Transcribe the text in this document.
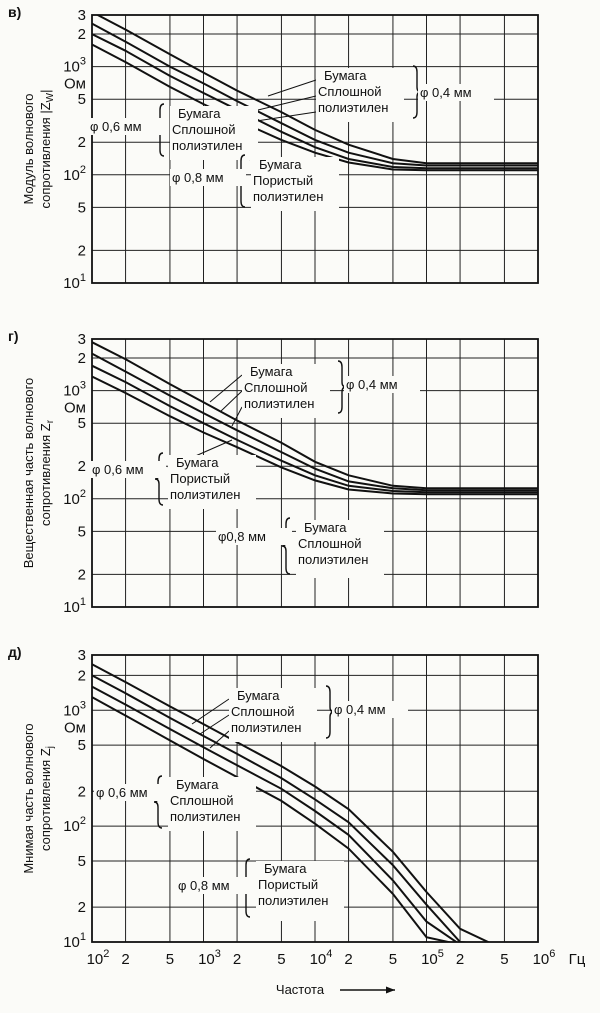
3
2
$10^3$
5
2
$10^2$
5
2
$10^1$
Ом
в)
Модуль волнового сопротивления $|Z_W|$
Бумага
Сплошной
полиэтилен
φ 0,4 мм
Бумага
Сплошной
полиэтилен
φ 0,6 мм
Бумага
Пористый
полиэтилен
φ 0,8 мм
3
2
$10^3$
5
2
$10^2$
5
2
$10^1$
Ом
г)
Вещественная часть волнового сопротивления $Z_r$
Бумага
Сплошной
полиэтилен
φ 0,4 мм
Бумага
Пористый
полиэтилен
φ 0,6 мм
Бумага
Сплошной
полиэтилен
φ0,8 мм
3
2
$10^3$
5
2
$10^2$
5
2
$10^1$
Ом
д)
Мнимая часть волнового сопротивления $Z_j$
Бумага
Сплошной
полиэтилен
φ 0,4 мм
Бумага
Сплошной
полиэтилен
φ 0,6 мм
Бумага
Пористый
полиэтилен
φ 0,8 мм
$10^2$ 2 5 $10^3$ 2 5 $10^4$ 2 5 $10^5$ 2 5 $10^6$ Гц
Частота
